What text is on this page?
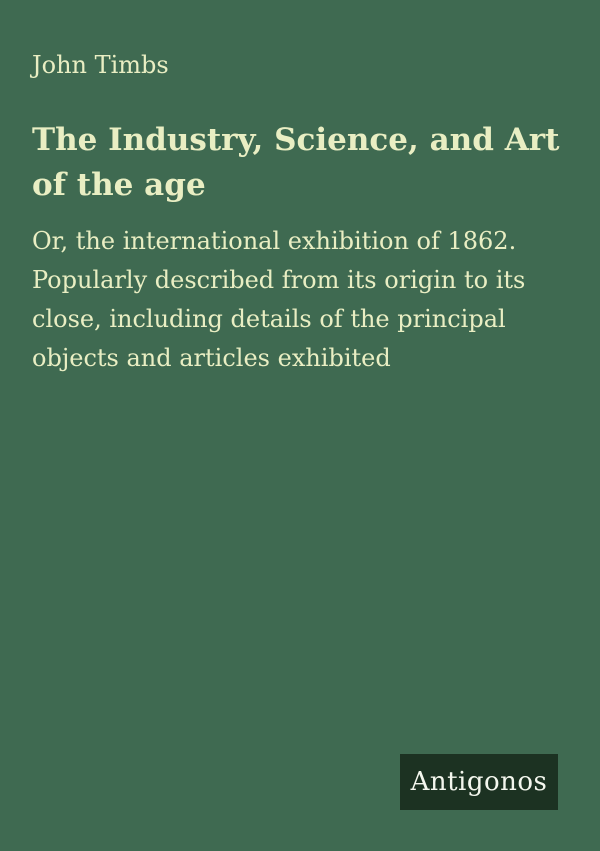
John Timbs
The Industry, Science, and Art of the age
Or, the international exhibition of 1862. Popularly described from its origin to its close, including details of the principal objects and articles exhibited
Antigonos
